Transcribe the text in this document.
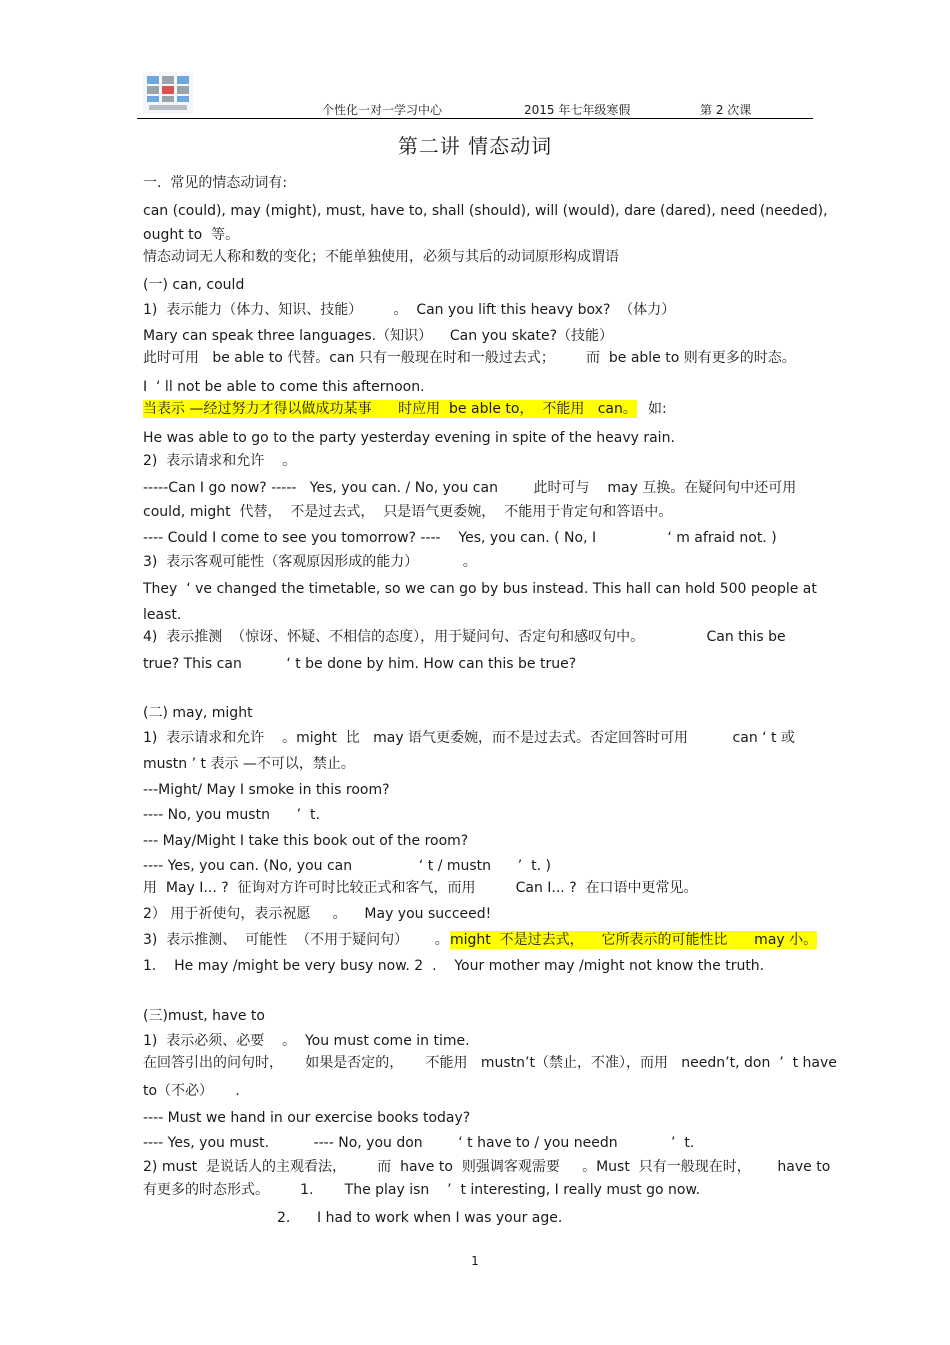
个性化一对一学习中心	2015 年七年级寒假	第 2 次课
第二讲 情态动词
一.  常见的情态动词有:
can (could), may (might), must, have to, shall (should), will (would), dare (dared), need (needed),
ought to  等。
情态动词无人称和数的变化；不能单独使用，必须与其后的动词原形构成谓语
(一) can, could
1)  表示能力（体力、知识、技能）       。  Can you lift this heavy box?  （体力）
Mary can speak three languages.（知识）    Can you skate?（技能）
此时可用   be able to 代替。can 只有一般现在时和一般过去式；       而  be able to 则有更多的时态。
I  ‘ ll not be able to come this afternoon.
当表示 —经过努力才得以做成功某事      时应用  be able to，  不能用   can。 如:
He was able to go to the party yesterday evening in spite of the heavy rain.
2)  表示请求和允许    。
-----Can I go now? -----   Yes, you can. / No, you can        此时可与    may 互换。在疑问句中还可用
could, might  代替，  不是过去式，  只是语气更委婉，  不能用于肯定句和答语中。
---- Could I come to see you tomorrow? ----    Yes, you can. ( No, I                ‘ m afraid not. )
3)  表示客观可能性（客观原因形成的能力）          。
They  ‘ ve changed the timetable, so we can go by bus instead. This hall can hold 500 people at
least.
4)  表示推测  （惊讶、怀疑、不相信的态度），用于疑问句、否定句和感叹句中。              Can this be
true? This can          ‘ t be done by him. How can this be true?
(二) may, might
1)  表示请求和允许    。might  比   may 语气更委婉，而不是过去式。否定回答时可用          can ‘ t 或
mustn ’ t 表示 —不可以，禁止。
---Might/ May I smoke in this room?
---- No, you mustn      ’  t.
--- May/Might I take this book out of the room?
---- Yes, you can. (No, you can               ‘ t / mustn      ’  t. )
用  May I... ?  征询对方许可时比较正式和客气，而用         Can I... ?  在口语中更常见。
2） 用于祈使句，表示祝愿     。    May you succeed!
3)  表示推测、  可能性  （不用于疑问句）      。 might  不是过去式，    它所表示的可能性比      may 小。
1.    He may /might be very busy now. 2  .    Your mother may /might not know the truth.
(三)must, have to
1)  表示必须、必要    。  You must come in time.
在回答引出的问句时，     如果是否定的，     不能用   mustn’t（禁止，不准），而用   needn’t, don  ’  t have
to（不必）     .
---- Must we hand in our exercise books today?
---- Yes, you must.          ---- No, you don        ‘ t have to / you needn            ’  t.
2) must  是说话人的主观看法，       而  have to  则强调客观需要     。Must  只有一般现在时，      have to
有更多的时态形式。       1.       The play isn    ’  t interesting, I really must go now.
2.      I had to work when I was your age.
1
